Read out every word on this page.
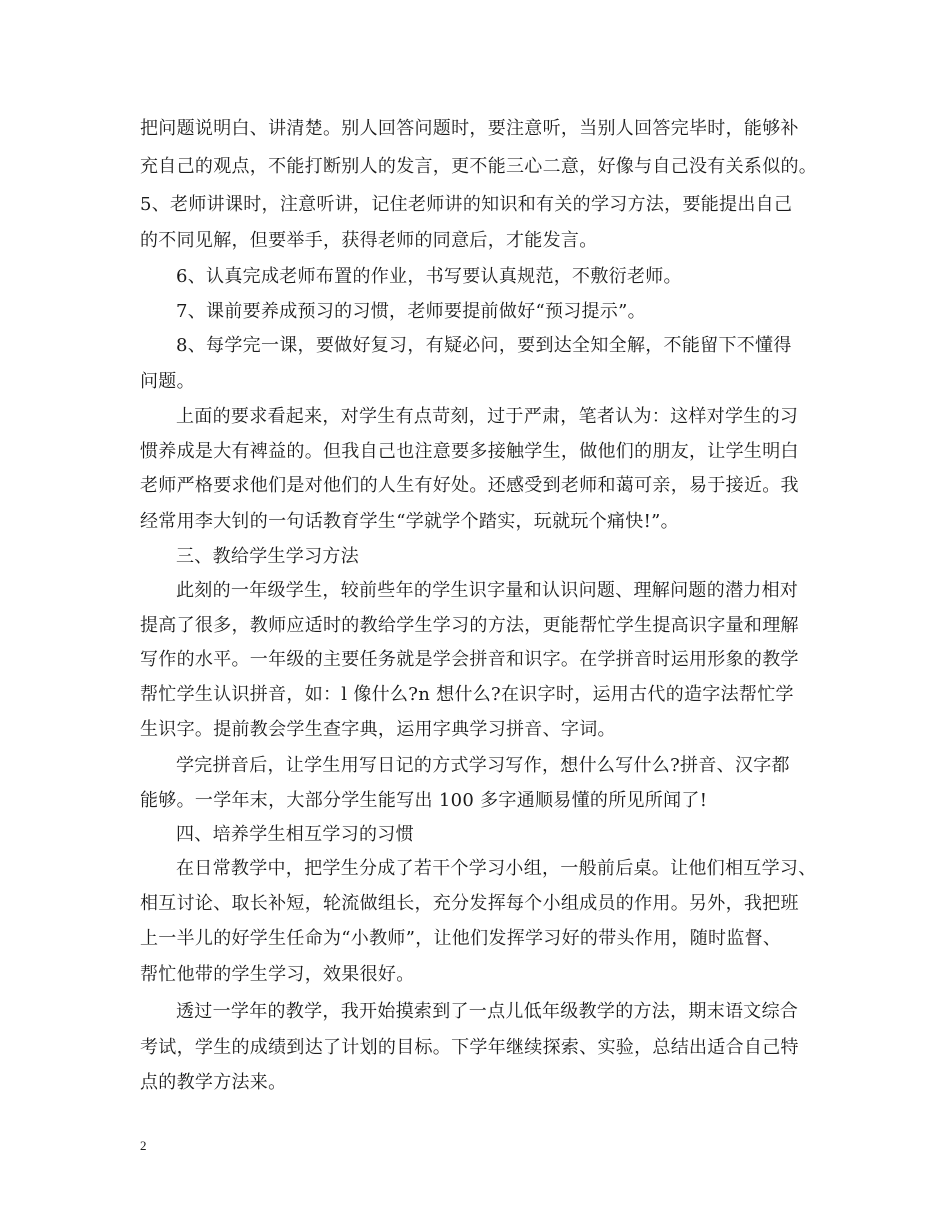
把问题说明白、讲清楚。别人回答问题时，要注意听，当别人回答完毕时，能够补
充自己的观点，不能打断别人的发言，更不能三心二意，好像与自己没有关系似的。
5、老师讲课时，注意听讲，记住老师讲的知识和有关的学习方法，要能提出自己
的不同见解，但要举手，获得老师的同意后，才能发言。
6、认真完成老师布置的作业，书写要认真规范，不敷衍老师。
7、课前要养成预习的习惯，老师要提前做好“预习提示”。
8、每学完一课，要做好复习，有疑必问，要到达全知全解，不能留下不懂得
问题。
上面的要求看起来，对学生有点苛刻，过于严肃，笔者认为：这样对学生的习
惯养成是大有裨益的。但我自己也注意要多接触学生，做他们的朋友，让学生明白
老师严格要求他们是对他们的人生有好处。还感受到老师和蔼可亲，易于接近。我
经常用李大钊的一句话教育学生“学就学个踏实，玩就玩个痛快!”。
三、教给学生学习方法
此刻的一年级学生，较前些年的学生识字量和认识问题、理解问题的潜力相对
提高了很多，教师应适时的教给学生学习的方法，更能帮忙学生提高识字量和理解
写作的水平。一年级的主要任务就是学会拼音和识字。在学拼音时运用形象的教学
帮忙学生认识拼音，如：l 像什么?n 想什么?在识字时，运用古代的造字法帮忙学
生识字。提前教会学生查字典，运用字典学习拼音、字词。
学完拼音后，让学生用写日记的方式学习写作，想什么写什么?拼音、汉字都
能够。一学年末，大部分学生能写出 100 多字通顺易懂的所见所闻了!
四、培养学生相互学习的习惯
在日常教学中，把学生分成了若干个学习小组，一般前后桌。让他们相互学习、
相互讨论、取长补短，轮流做组长，充分发挥每个小组成员的作用。另外，我把班
上一半儿的好学生任命为“小教师”，让他们发挥学习好的带头作用，随时监督、
帮忙他带的学生学习，效果很好。
透过一学年的教学，我开始摸索到了一点儿低年级教学的方法，期末语文综合
考试，学生的成绩到达了计划的目标。下学年继续探索、实验，总结出适合自己特
点的教学方法来。
2
